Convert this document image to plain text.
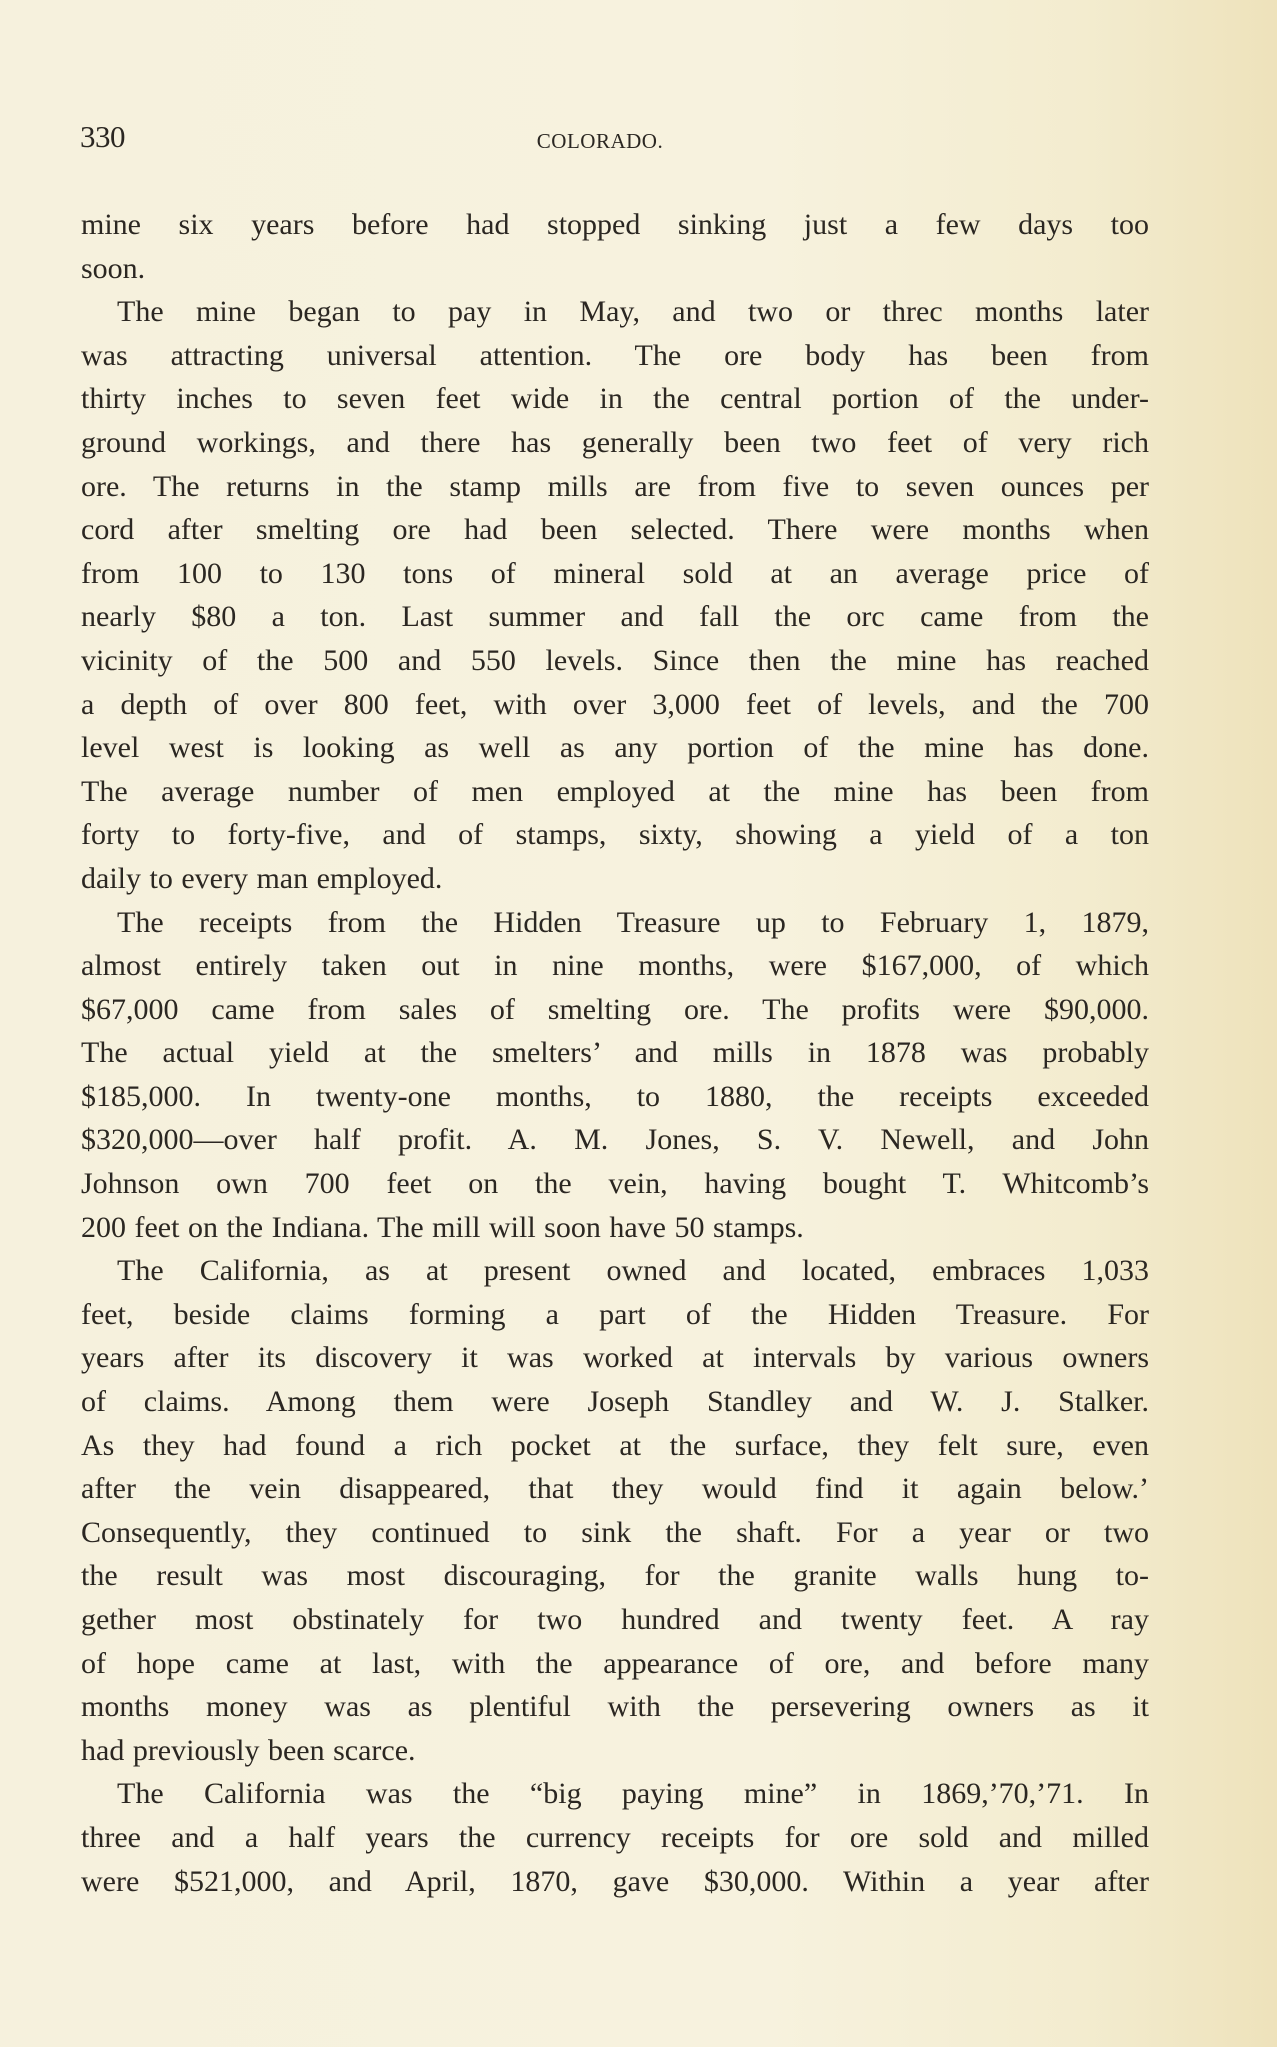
330	COLORADO.
mine six years before had stopped sinking just a few days too
soon.
The mine began to pay in May, and two or threc months later
was attracting universal attention. The ore body has been from
thirty inches to seven feet wide in the central portion of the under-
ground workings, and there has generally been two feet of very rich
ore. The returns in the stamp mills are from five to seven ounces per
cord after smelting ore had been selected. There were months when
from 100 to 130 tons of mineral sold at an average price of
nearly $80 a ton. Last summer and fall the orc came from the
vicinity of the 500 and 550 levels. Since then the mine has reached
a depth of over 800 feet, with over 3,000 feet of levels, and the 700
level west is looking as well as any portion of the mine has done.
The average number of men employed at the mine has been from
forty to forty-five, and of stamps, sixty, showing a yield of a ton
daily to every man employed.
The receipts from the Hidden Treasure up to February 1, 1879,
almost entirely taken out in nine months, were $167,000, of which
$67,000 came from sales of smelting ore. The profits were $90,000.
The actual yield at the smelters’ and mills in 1878 was probably
$185,000. In twenty-one months, to 1880, the receipts exceeded
$320,000—over half profit. A. M. Jones, S. V. Newell, and John
Johnson own 700 feet on the vein, having bought T. Whitcomb’s
200 feet on the Indiana. The mill will soon have 50 stamps.
The California, as at present owned and located, embraces 1,033
feet, beside claims forming a part of the Hidden Treasure. For
years after its discovery it was worked at intervals by various owners
of claims. Among them were Joseph Standley and W. J. Stalker.
As they had found a rich pocket at the surface, they felt sure, even
after the vein disappeared, that they would find it again below.’
Consequently, they continued to sink the shaft. For a year or two
the result was most discouraging, for the granite walls hung to-
gether most obstinately for two hundred and twenty feet. A ray
of hope came at last, with the appearance of ore, and before many
months money was as plentiful with the persevering owners as it
had previously been scarce.
The California was the “big paying mine” in 1869,’70,’71. In
three and a half years the currency receipts for ore sold and milled
were $521,000, and April, 1870, gave $30,000. Within a year after
